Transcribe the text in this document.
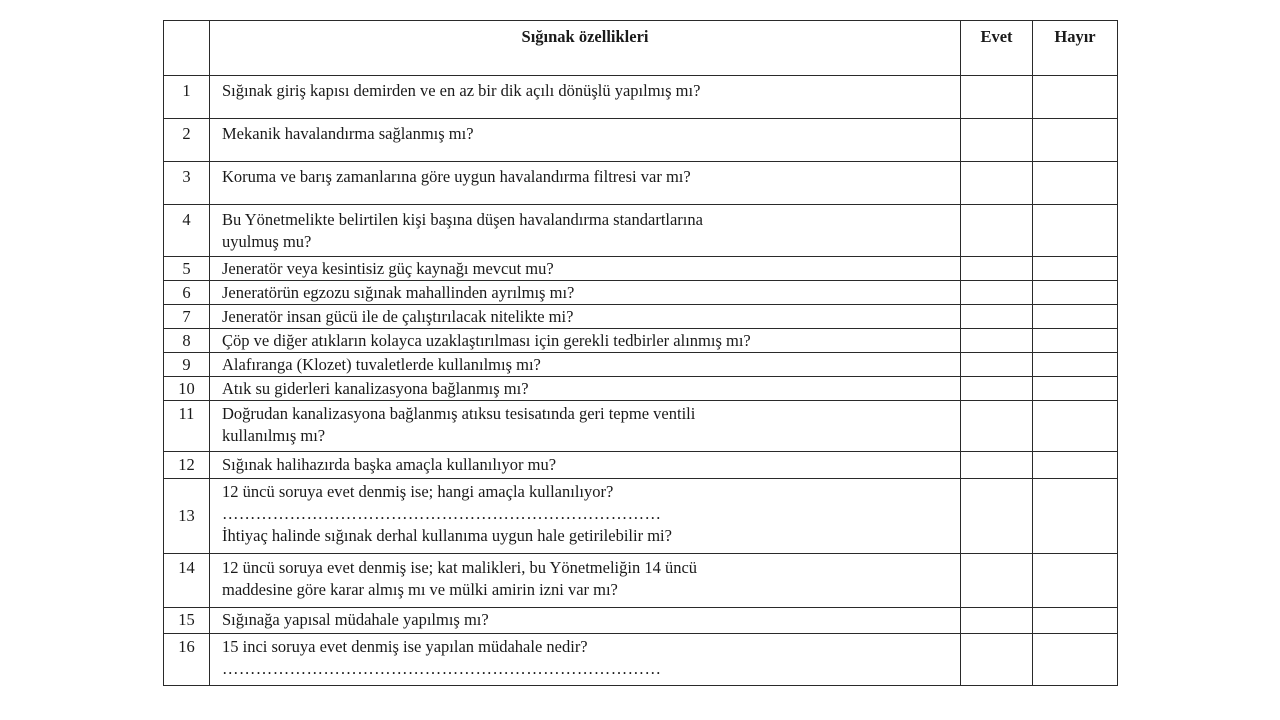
	Sığınak özellikleri	Evet	Hayır
1	Sığınak giriş kapısı demirden ve en az bir dik açılı dönüşlü yapılmış mı?		

2	Mekanik havalandırma sağlanmış mı?		

3	Koruma ve barış zamanlarına göre uygun havalandırma filtresi var mı?		

4	Bu Yönetmelikte belirtilen kişi başına düşen havalandırma standartlarına
uyulmuş mu?		

5	Jeneratör veya kesintisiz güç kaynağı mevcut mu?		

6	Jeneratörün egzozu sığınak mahallinden ayrılmış mı?		

7	Jeneratör insan gücü ile de çalıştırılacak nitelikte mi?		

8	Çöp ve diğer atıkların kolayca uzaklaştırılması için gerekli tedbirler alınmış mı?		

9	Alafıranga (Klozet) tuvaletlerde kullanılmış mı?		

10	Atık su giderleri kanalizasyona bağlanmış mı?		

11	Doğrudan kanalizasyona bağlanmış atıksu tesisatında geri tepme ventili
kullanılmış mı?		

12	Sığınak halihazırda başka amaçla kullanılıyor mu?		

13	12 üncü soruya evet denmiş ise; hangi amaçla kullanılıyor?
……………………………………………………………………
İhtiyaç halinde sığınak derhal kullanıma uygun hale getirilebilir mi?		

14	12 üncü soruya evet denmiş ise; kat malikleri, bu Yönetmeliğin 14 üncü
maddesine göre karar almış mı ve mülki amirin izni var mı?		

15	Sığınağa yapısal müdahale yapılmış mı?		

16	15 inci soruya evet denmiş ise yapılan müdahale nedir?
……………………………………………………………………		
